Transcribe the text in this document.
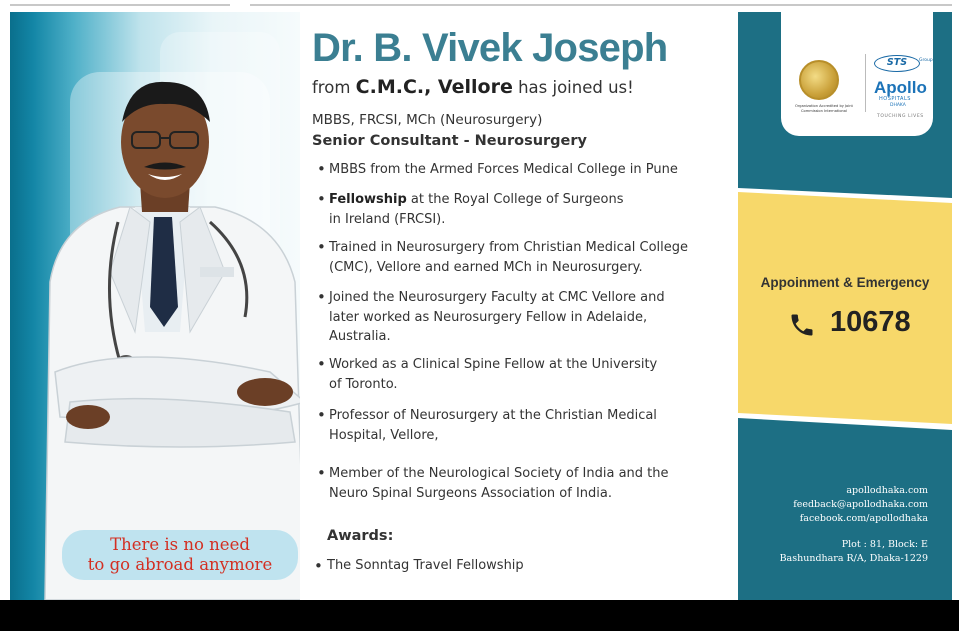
There is no need
to go abroad anymore
Dr. B. Vivek Joseph
from C.M.C., Vellore has joined us!
MBBS, FRCSI, MCh (Neurosurgery)
Senior Consultant - Neurosurgery
• MBBS from the Armed Forces Medical College in Pune
• Fellowship at the Royal College of Surgeons
in Ireland (FRCSI).
• Trained in Neurosurgery from Christian Medical College
(CMC), Vellore and earned MCh in Neurosurgery.
• Joined the Neurosurgery Faculty at CMC Vellore and
later worked as Neurosurgery Fellow in Adelaide,
Australia.
• Worked as a Clinical Spine Fellow at the University
of Toronto.
• Professor of Neurosurgery at the Christian Medical
Hospital, Vellore,
• Member of the Neurological Society of India and the
Neuro Spinal Surgeons Association of India.
Awards:
• The Sonntag Travel Fellowship
Organization Accredited by Joint Commission International
STS	Group
Apollo
HOSPITALS
DHAKA
TOUCHING LIVES
Appoinment & Emergency
10678
apollodhaka.com
feedback@apollodhaka.com
facebook.com/apollodhaka
Plot : 81, Block: E
Bashundhara R/A, Dhaka-1229
